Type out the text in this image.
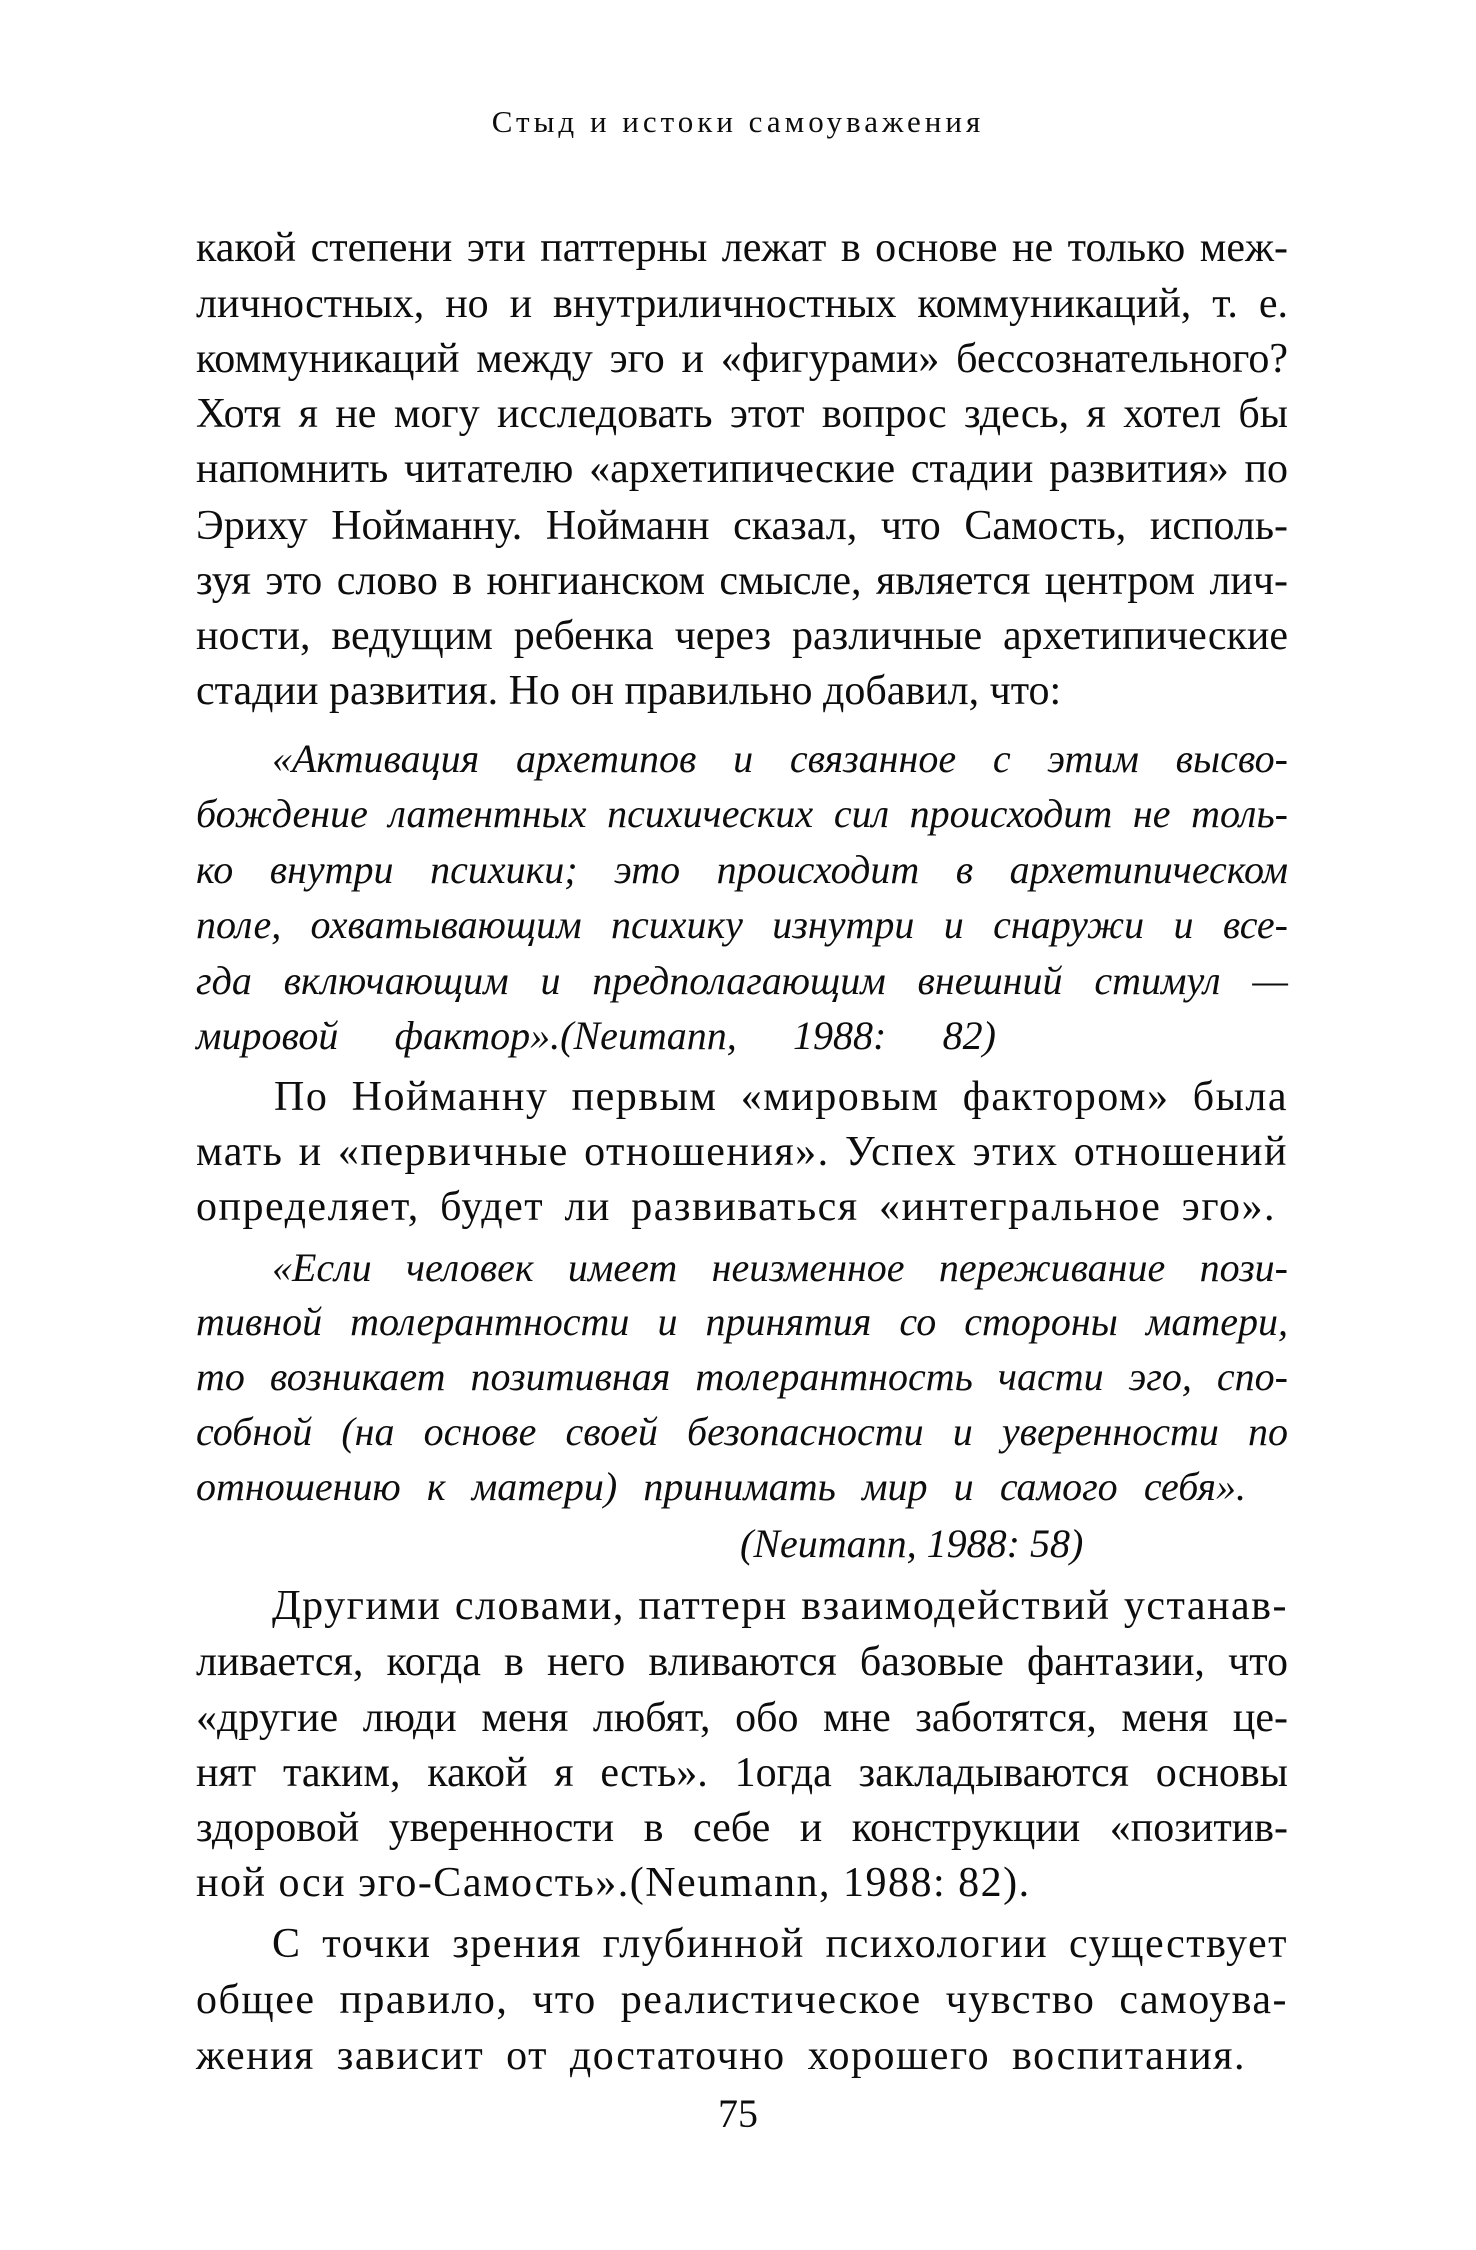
Стыд и истоки самоуважения
какой степени эти паттерны лежат в основе не только меж-
личностных, но и внутриличностных коммуникаций, т. е.
коммуникаций между эго и «фигурами» бессознательного?
Хотя я не могу исследовать этот вопрос здесь, я хотел бы
напомнить читателю «архетипические стадии развития» по
Эриху Нойманну. Нойманн сказал, что Самость, исполь-
зуя это слово в юнгианском смысле, является центром лич-
ности, ведущим ребенка через различные архетипические
стадии развития. Но он правильно добавил, что:
«Активация архетипов и связанное с этим высво-
бождение латентных психических сил происходит не толь-
ко внутри психики; это происходит в архетипическом
поле, охватывающим психику изнутри и снаружи и все-
гда включающим и предполагающим внешний стимул —
мировой фактор».(Neumann, 1988: 82)
По Нойманну первым «мировым фактором» была
мать и «первичные отношения». Успех этих отношений
определяет, будет ли развиваться «интегральное эго».
«Если человек имеет неизменное переживание пози-
тивной толерантности и принятия со стороны матери,
то возникает позитивная толерантность части эго, спо-
собной (на основе своей безопасности и уверенности по
отношению к матери) принимать мир и самого себя».
(Neumann, 1988: 58)
Другими словами, паттерн взаимодействий устанав-
ливается, когда в него вливаются базовые фантазии, что
«другие люди меня любят, обо мне заботятся, меня це-
нят таким, какой я есть». 1огда закладываются основы
здоровой уверенности в себе и конструкции «позитив-
ной оси эго-Самость».(Neumann, 1988: 82).
С точки зрения глубинной психологии существует
общее правило, что реалистическое чувство самоува-
жения зависит от достаточно хорошего воспитания.
75
